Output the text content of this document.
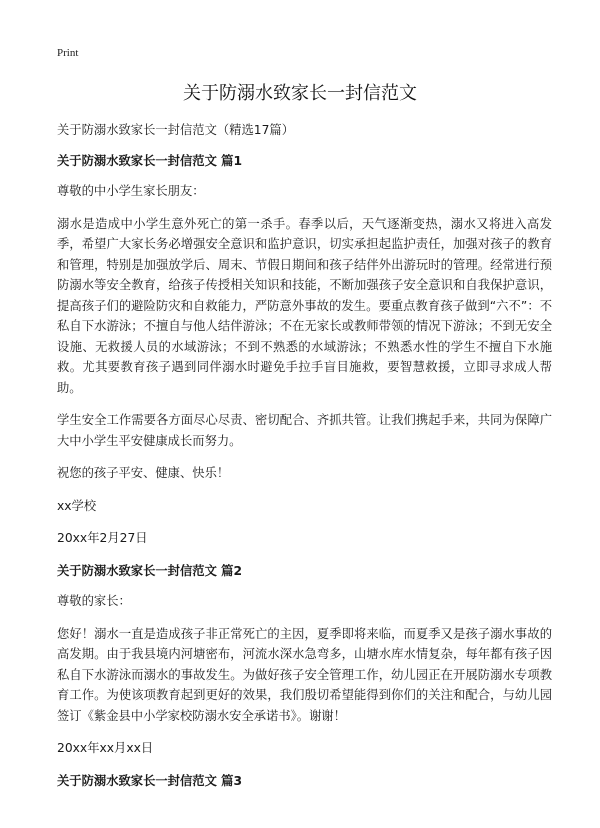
Print
关于防溺水致家长一封信范文

关于防溺水致家长一封信范文（精选17篇）

关于防溺水致家长一封信范文 篇1

尊敬的中小学生家长朋友：

溺水是造成中小学生意外死亡的第一杀手。春季以后，天气逐渐变热，溺水又将进入高发季，希望广大家长务必增强安全意识和监护意识，切实承担起监护责任，加强对孩子的教育和管理，特别是加强放学后、周末、节假日期间和孩子结伴外出游玩时的管理。经常进行预防溺水等安全教育，给孩子传授相关知识和技能，不断加强孩子安全意识和自我保护意识，提高孩子们的避险防灾和自救能力，严防意外事故的发生。要重点教育孩子做到“六不”：不私自下水游泳；不擅自与他人结伴游泳；不在无家长或教师带领的情况下游泳；不到无安全设施、无救援人员的水域游泳；不到不熟悉的水域游泳；不熟悉水性的学生不擅自下水施救。尤其要教育孩子遇到同伴溺水时避免手拉手盲目施救，要智慧救援，立即寻求成人帮助。

学生安全工作需要各方面尽心尽责、密切配合、齐抓共管。让我们携起手来，共同为保障广大中小学生平安健康成长而努力。

祝您的孩子平安、健康、快乐！

xx学校

20xx年2月27日

关于防溺水致家长一封信范文 篇2

尊敬的家长：

您好！溺水一直是造成孩子非正常死亡的主因，夏季即将来临，而夏季又是孩子溺水事故的高发期。由于我县境内河塘密布，河流水深水急弯多，山塘水库水情复杂，每年都有孩子因私自下水游泳而溺水的事故发生。为做好孩子安全管理工作，幼儿园正在开展防溺水专项教育工作。为使该项教育起到更好的效果，我们殷切希望能得到你们的关注和配合，与幼儿园签订《紫金县中小学家校防溺水安全承诺书》。谢谢！

20xx年xx月xx日

关于防溺水致家长一封信范文 篇3
